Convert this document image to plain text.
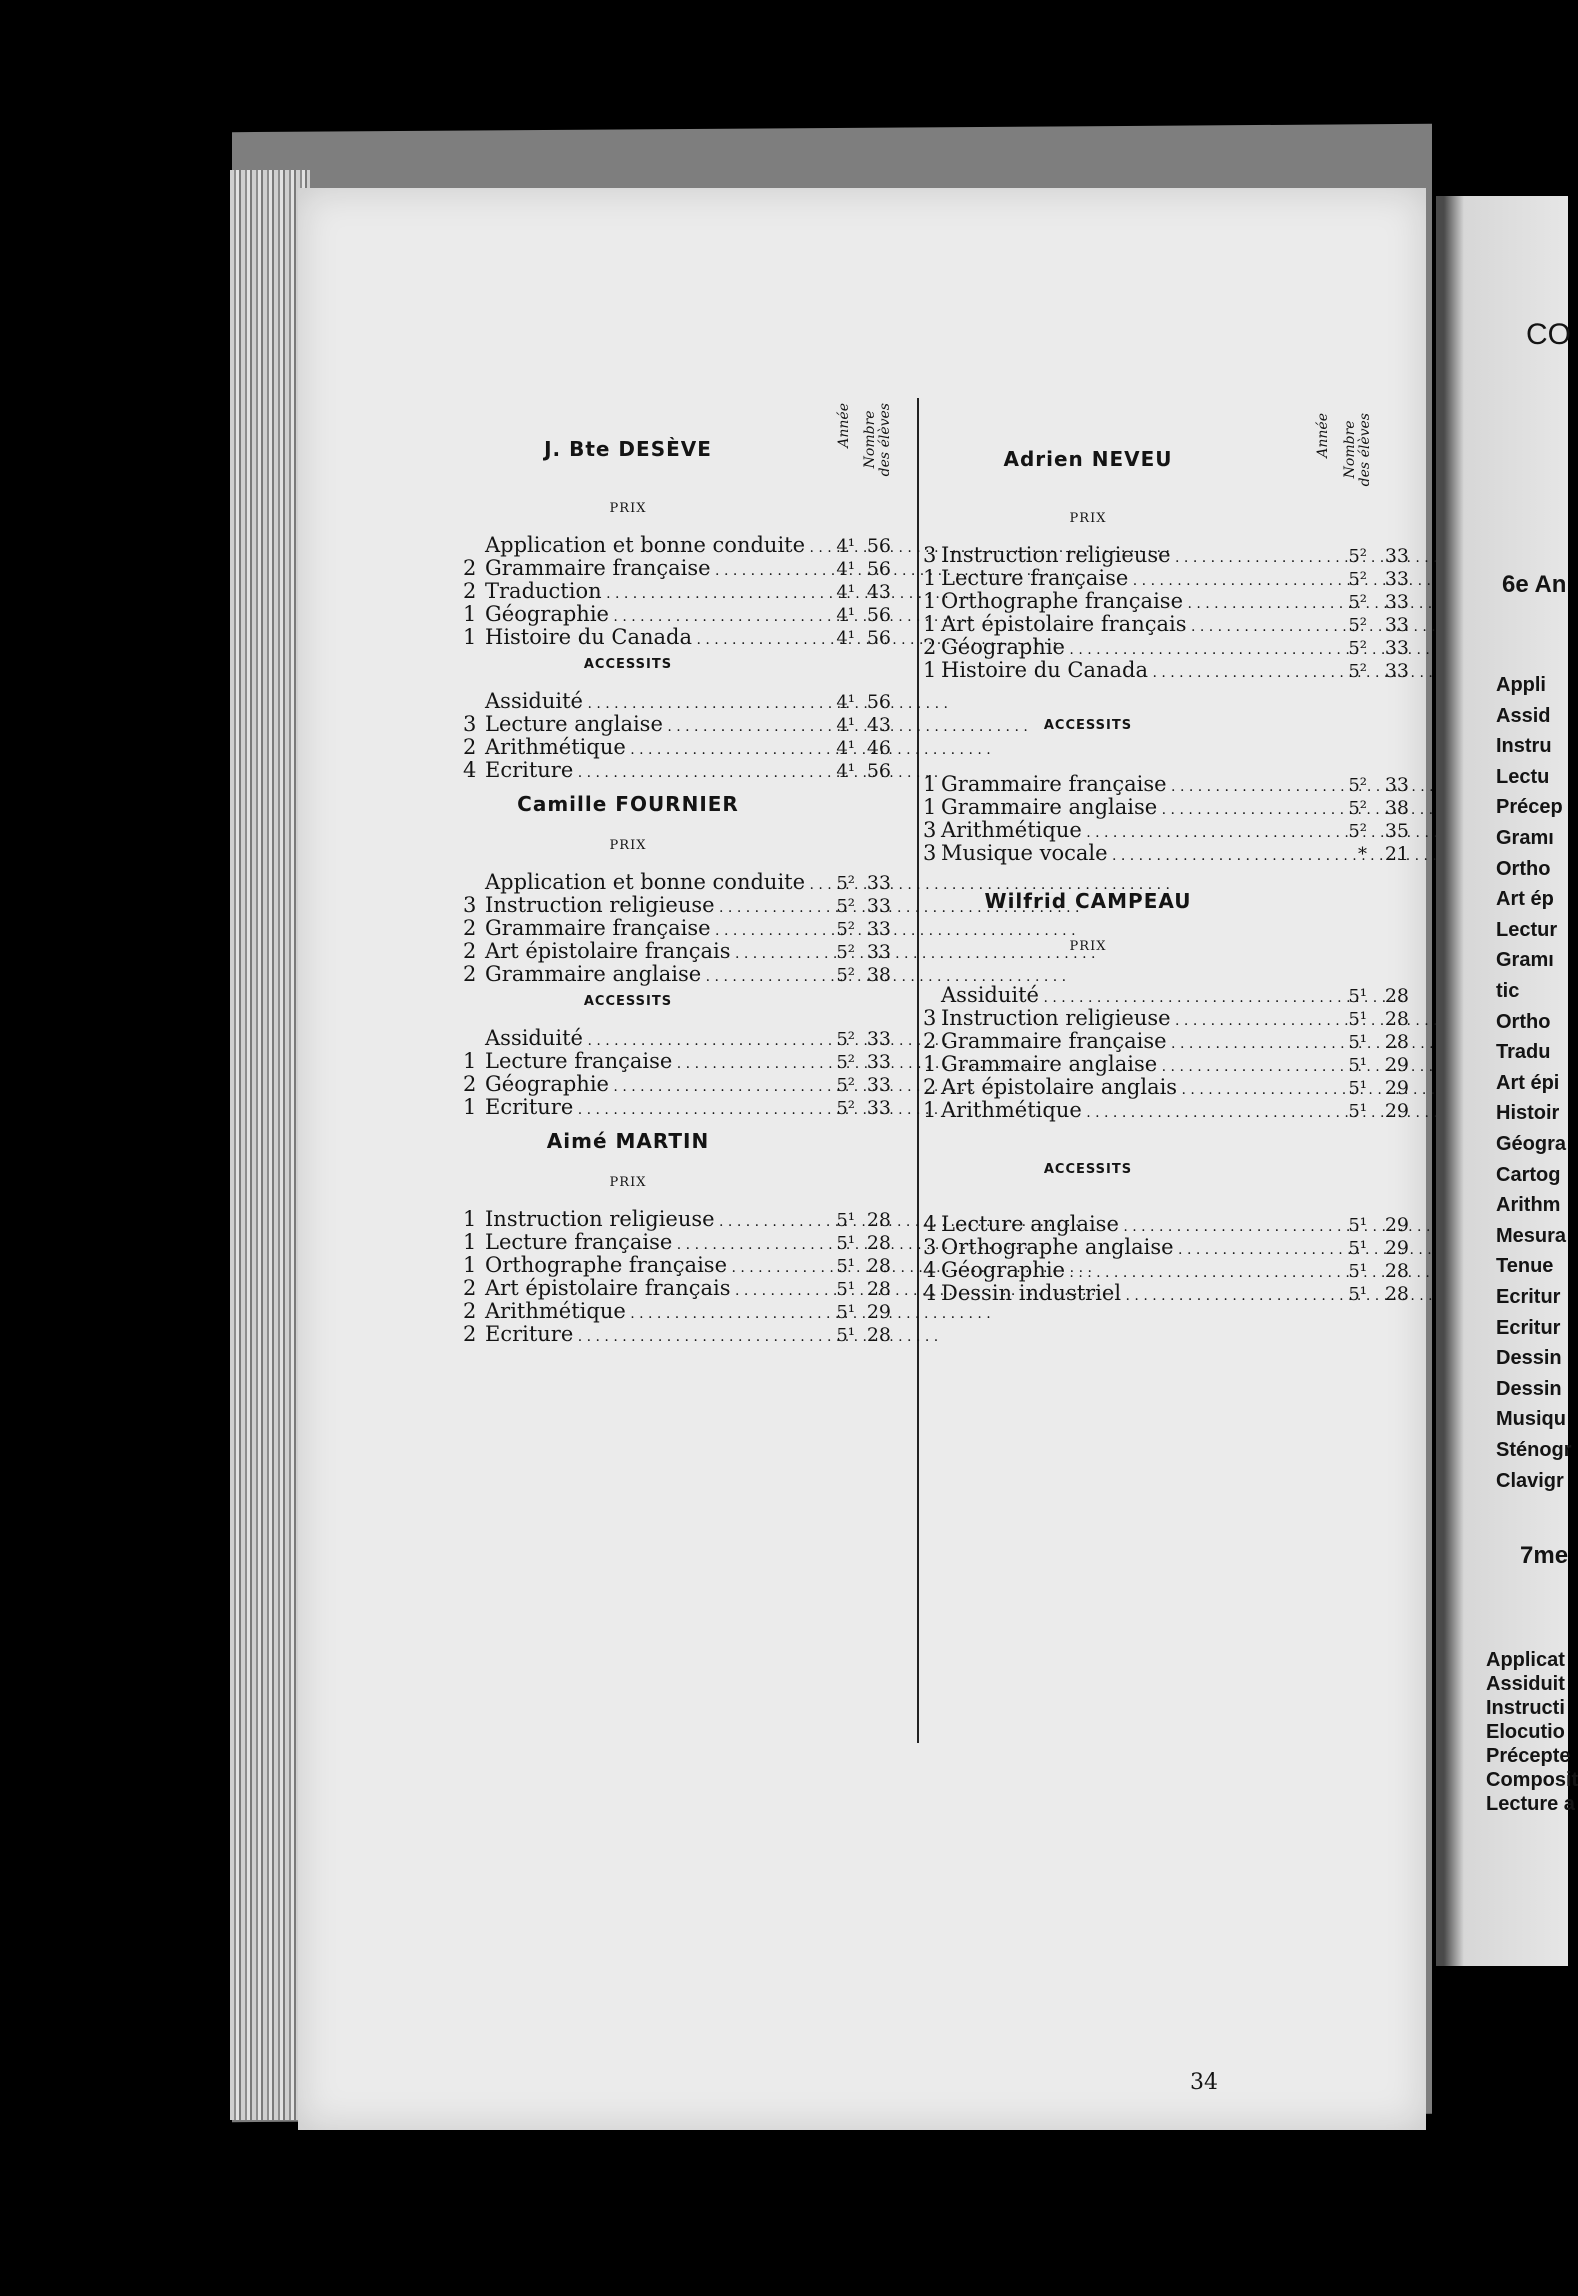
J. Bte DESÈVE
Année Nombre
des élèves
PRIX
Application et bonne conduite . . .	4¹ 56
2 Grammaire française . . .	4¹ 56
2 Traduction . . .	4¹ 43
1 Géographie . . .	4¹ 56
1 Histoire du Canada . . .	4¹ 56
ACCESSITS
Assiduité . . .	4¹ 56
3 Lecture anglaise . . .	4¹ 43
2 Arithmétique . . .	4¹ 46
4 Ecriture . . .	4¹ 56
Camille FOURNIER
PRIX
Application et bonne conduite . . .	5² 33
3 Instruction religieuse . . .	5² 33
2 Grammaire française . . .	5² 33
2 Art épistolaire français . . .	5² 33
2 Grammaire anglaise . . .	5² 38
ACCESSITS
Assiduité . . .	5² 33
1 Lecture française . . .	5² 33
2 Géographie . . .	5² 33
1 Ecriture . . .	5² 33
Aimé MARTIN
PRIX
1 Instruction religieuse . . .	5¹ 28
1 Lecture française . . .	5¹ 28
1 Orthographe française . . .	5¹ 28
2 Art épistolaire français . . .	5¹ 28
2 Arithmétique . . .	5¹ 29
2 Ecriture . . .	5¹ 28
Adrien NEVEU
Année Nombre
des élèves
PRIX
3 Instruction religieuse . . .	5² 33
1 Lecture française . . .	5² 33
1 Orthographe française . . .	5² 33
1 Art épistolaire français . . .	5² 33
2 Géographie . . .	5² 33
1 Histoire du Canada . . .	5² 33
ACCESSITS
1 Grammaire française . . .	5² 33
1 Grammaire anglaise . . .	5² 38
3 Arithmétique . . .	5² 35
3 Musique vocale . . .	* 21
Wilfrid CAMPEAU
PRIX
Assiduité . . .	5¹ 28
3 Instruction religieuse . . .	5¹ 28
2 Grammaire française . . .	5¹ 28
1 Grammaire anglaise . . .	5¹ 29
2 Art épistolaire anglais . . .	5¹ 29
1 Arithmétique . . .	5¹ 29
ACCESSITS
4 Lecture anglaise . . .	5¹ 29
3 Orthographe anglaise . . .	5¹ 29
4 Géographie . . .	5¹ 28
4 Dessin industriel . . .	5¹ 28
34
CO
6e An
Appli
Assid
Instru
Lectu
Précep
Gramı
Ortho
Art ép
Lectur
Gramı
tic
Ortho
Tradu
Art épi
Histoir
Géogra
Cartog
Arithm
Mesura
Tenue
Ecritur
Ecritur
Dessin
Dessin
Musiqu
Sténogr
Clavigr
7me
Applicat
Assiduit
Instructi
Elocutio
Précepte
Composit
Lecture a
